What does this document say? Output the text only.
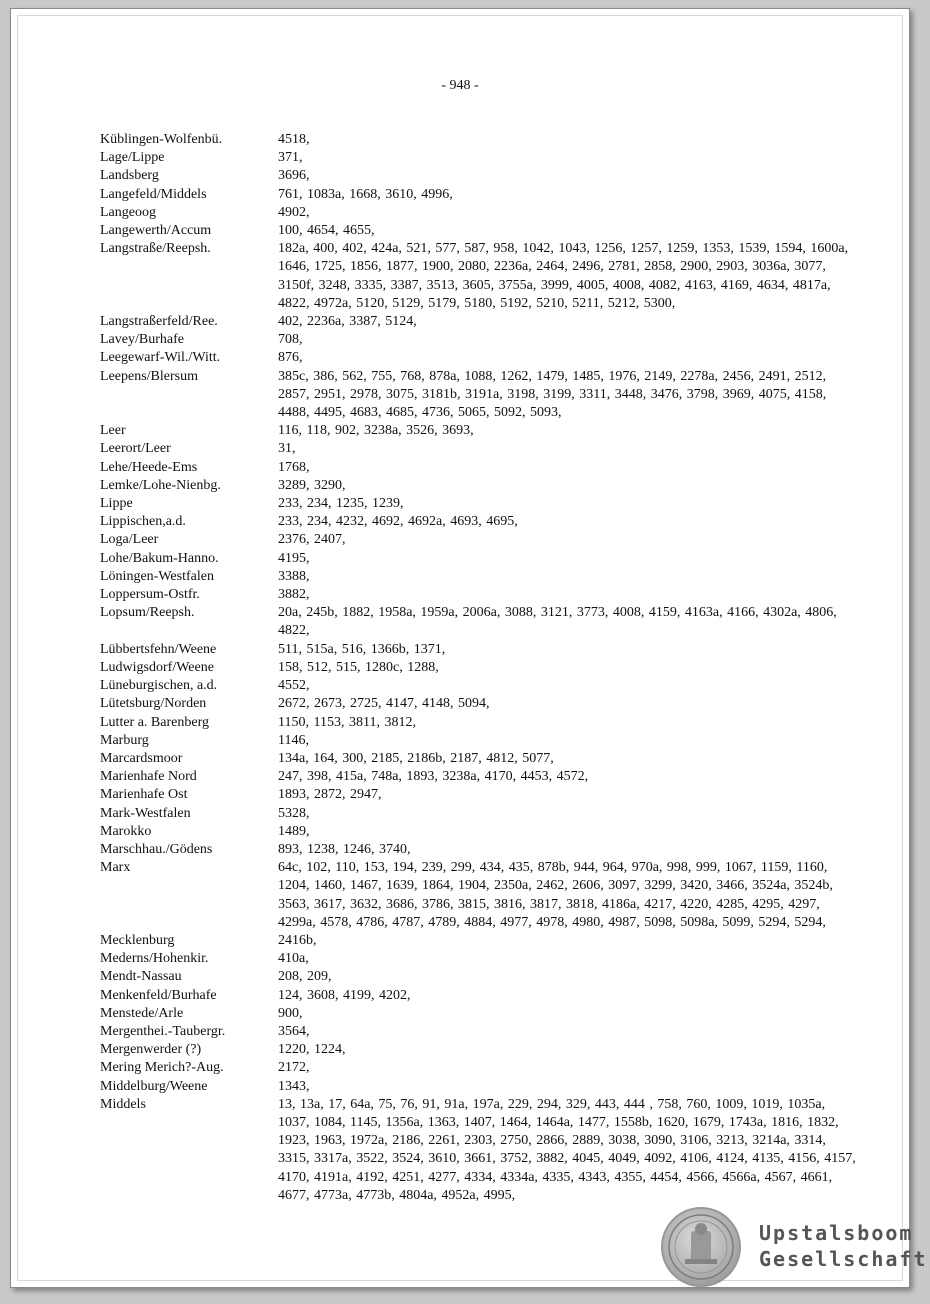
- 948 -
Küblingen-Wolfenbü.	4518,
Lage/Lippe	371,
Landsberg	3696,
Langefeld/Middels	761, 1083a, 1668, 3610, 4996,
Langeoog	4902,
Langewerth/Accum	100, 4654, 4655,
Langstraße/Reepsh.	182a, 400, 402, 424a, 521, 577, 587, 958, 1042, 1043, 1256, 1257, 1259, 1353, 1539, 1594, 1600a, 1646, 1725, 1856, 1877, 1900, 2080, 2236a, 2464, 2496, 2781, 2858, 2900, 2903, 3036a, 3077, 3150f, 3248, 3335, 3387, 3513, 3605, 3755a, 3999, 4005, 4008, 4082, 4163, 4169, 4634, 4817a, 4822, 4972a, 5120, 5129, 5179, 5180, 5192, 5210, 5211, 5212, 5300,
Langstraßerfeld/Ree.	402, 2236a, 3387, 5124,
Lavey/Burhafe	708,
Leegewarf-Wil./Witt.	876,
Leepens/Blersum	385c, 386, 562, 755, 768, 878a, 1088, 1262, 1479, 1485, 1976, 2149, 2278a, 2456, 2491, 2512, 2857, 2951, 2978, 3075, 3181b, 3191a, 3198, 3199, 3311, 3448, 3476, 3798, 3969, 4075, 4158, 4488, 4495, 4683, 4685, 4736, 5065, 5092, 5093,
Leer	116, 118, 902, 3238a, 3526, 3693,
Leerort/Leer	31,
Lehe/Heede-Ems	1768,
Lemke/Lohe-Nienbg.	3289, 3290,
Lippe	233, 234, 1235, 1239,
Lippischen,a.d.	233, 234, 4232, 4692, 4692a, 4693, 4695,
Loga/Leer	2376, 2407,
Lohe/Bakum-Hanno.	4195,
Löningen-Westfalen	3388,
Loppersum-Ostfr.	3882,
Lopsum/Reepsh.	20a, 245b, 1882, 1958a, 1959a, 2006a, 3088, 3121, 3773, 4008, 4159, 4163a, 4166, 4302a, 4806, 4822,
Lübbertsfehn/Weene	511, 515a, 516, 1366b, 1371,
Ludwigsdorf/Weene	158, 512, 515, 1280c, 1288,
Lüneburgischen, a.d.	4552,
Lütetsburg/Norden	2672, 2673, 2725, 4147, 4148, 5094,
Lutter a. Barenberg	1150, 1153, 3811, 3812,
Marburg	1146,
Marcardsmoor	134a, 164, 300, 2185, 2186b, 2187, 4812, 5077,
Marienhafe Nord	247, 398, 415a, 748a, 1893, 3238a, 4170, 4453, 4572,
Marienhafe Ost	1893, 2872, 2947,
Mark-Westfalen	5328,
Marokko	1489,
Marschhau./Gödens	893, 1238, 1246, 3740,
Marx	64c, 102, 110, 153, 194, 239, 299, 434, 435, 878b, 944, 964, 970a, 998, 999, 1067, 1159, 1160, 1204, 1460, 1467, 1639, 1864, 1904, 2350a, 2462, 2606, 3097, 3299, 3420, 3466, 3524a, 3524b, 3563, 3617, 3632, 3686, 3786, 3815, 3816, 3817, 3818, 4186a, 4217, 4220, 4285, 4295, 4297, 4299a, 4578, 4786, 4787, 4789, 4884, 4977, 4978, 4980, 4987, 5098, 5098a, 5099, 5294, 5294,
Mecklenburg	2416b,
Mederns/Hohenkir.	410a,
Mendt-Nassau	208, 209,
Menkenfeld/Burhafe	124, 3608, 4199, 4202,
Menstede/Arle	900,
Mergenthei.-Taubergr.	3564,
Mergenwerder (?)	1220, 1224,
Mering Merich?-Aug.	2172,
Middelburg/Weene	1343,
Middels	13, 13a, 17, 64a, 75, 76, 91, 91a, 197a, 229, 294, 329, 443, 444 , 758, 760, 1009, 1019, 1035a, 1037, 1084, 1145, 1356a, 1363, 1407, 1464, 1464a, 1477, 1558b, 1620, 1679, 1743a, 1816, 1832, 1923, 1963, 1972a, 2186, 2261, 2303, 2750, 2866, 2889, 3038, 3090, 3106, 3213, 3214a, 3314, 3315, 3317a, 3522, 3524, 3610, 3661, 3752, 3882, 4045, 4049, 4092, 4106, 4124, 4135, 4156, 4157, 4170, 4191a, 4192, 4251, 4277, 4334, 4334a, 4335, 4343, 4355, 4454, 4566, 4566a, 4567, 4661, 4677, 4773a, 4773b, 4804a, 4952a, 4995,
Upstalsboom
Gesellschaft
